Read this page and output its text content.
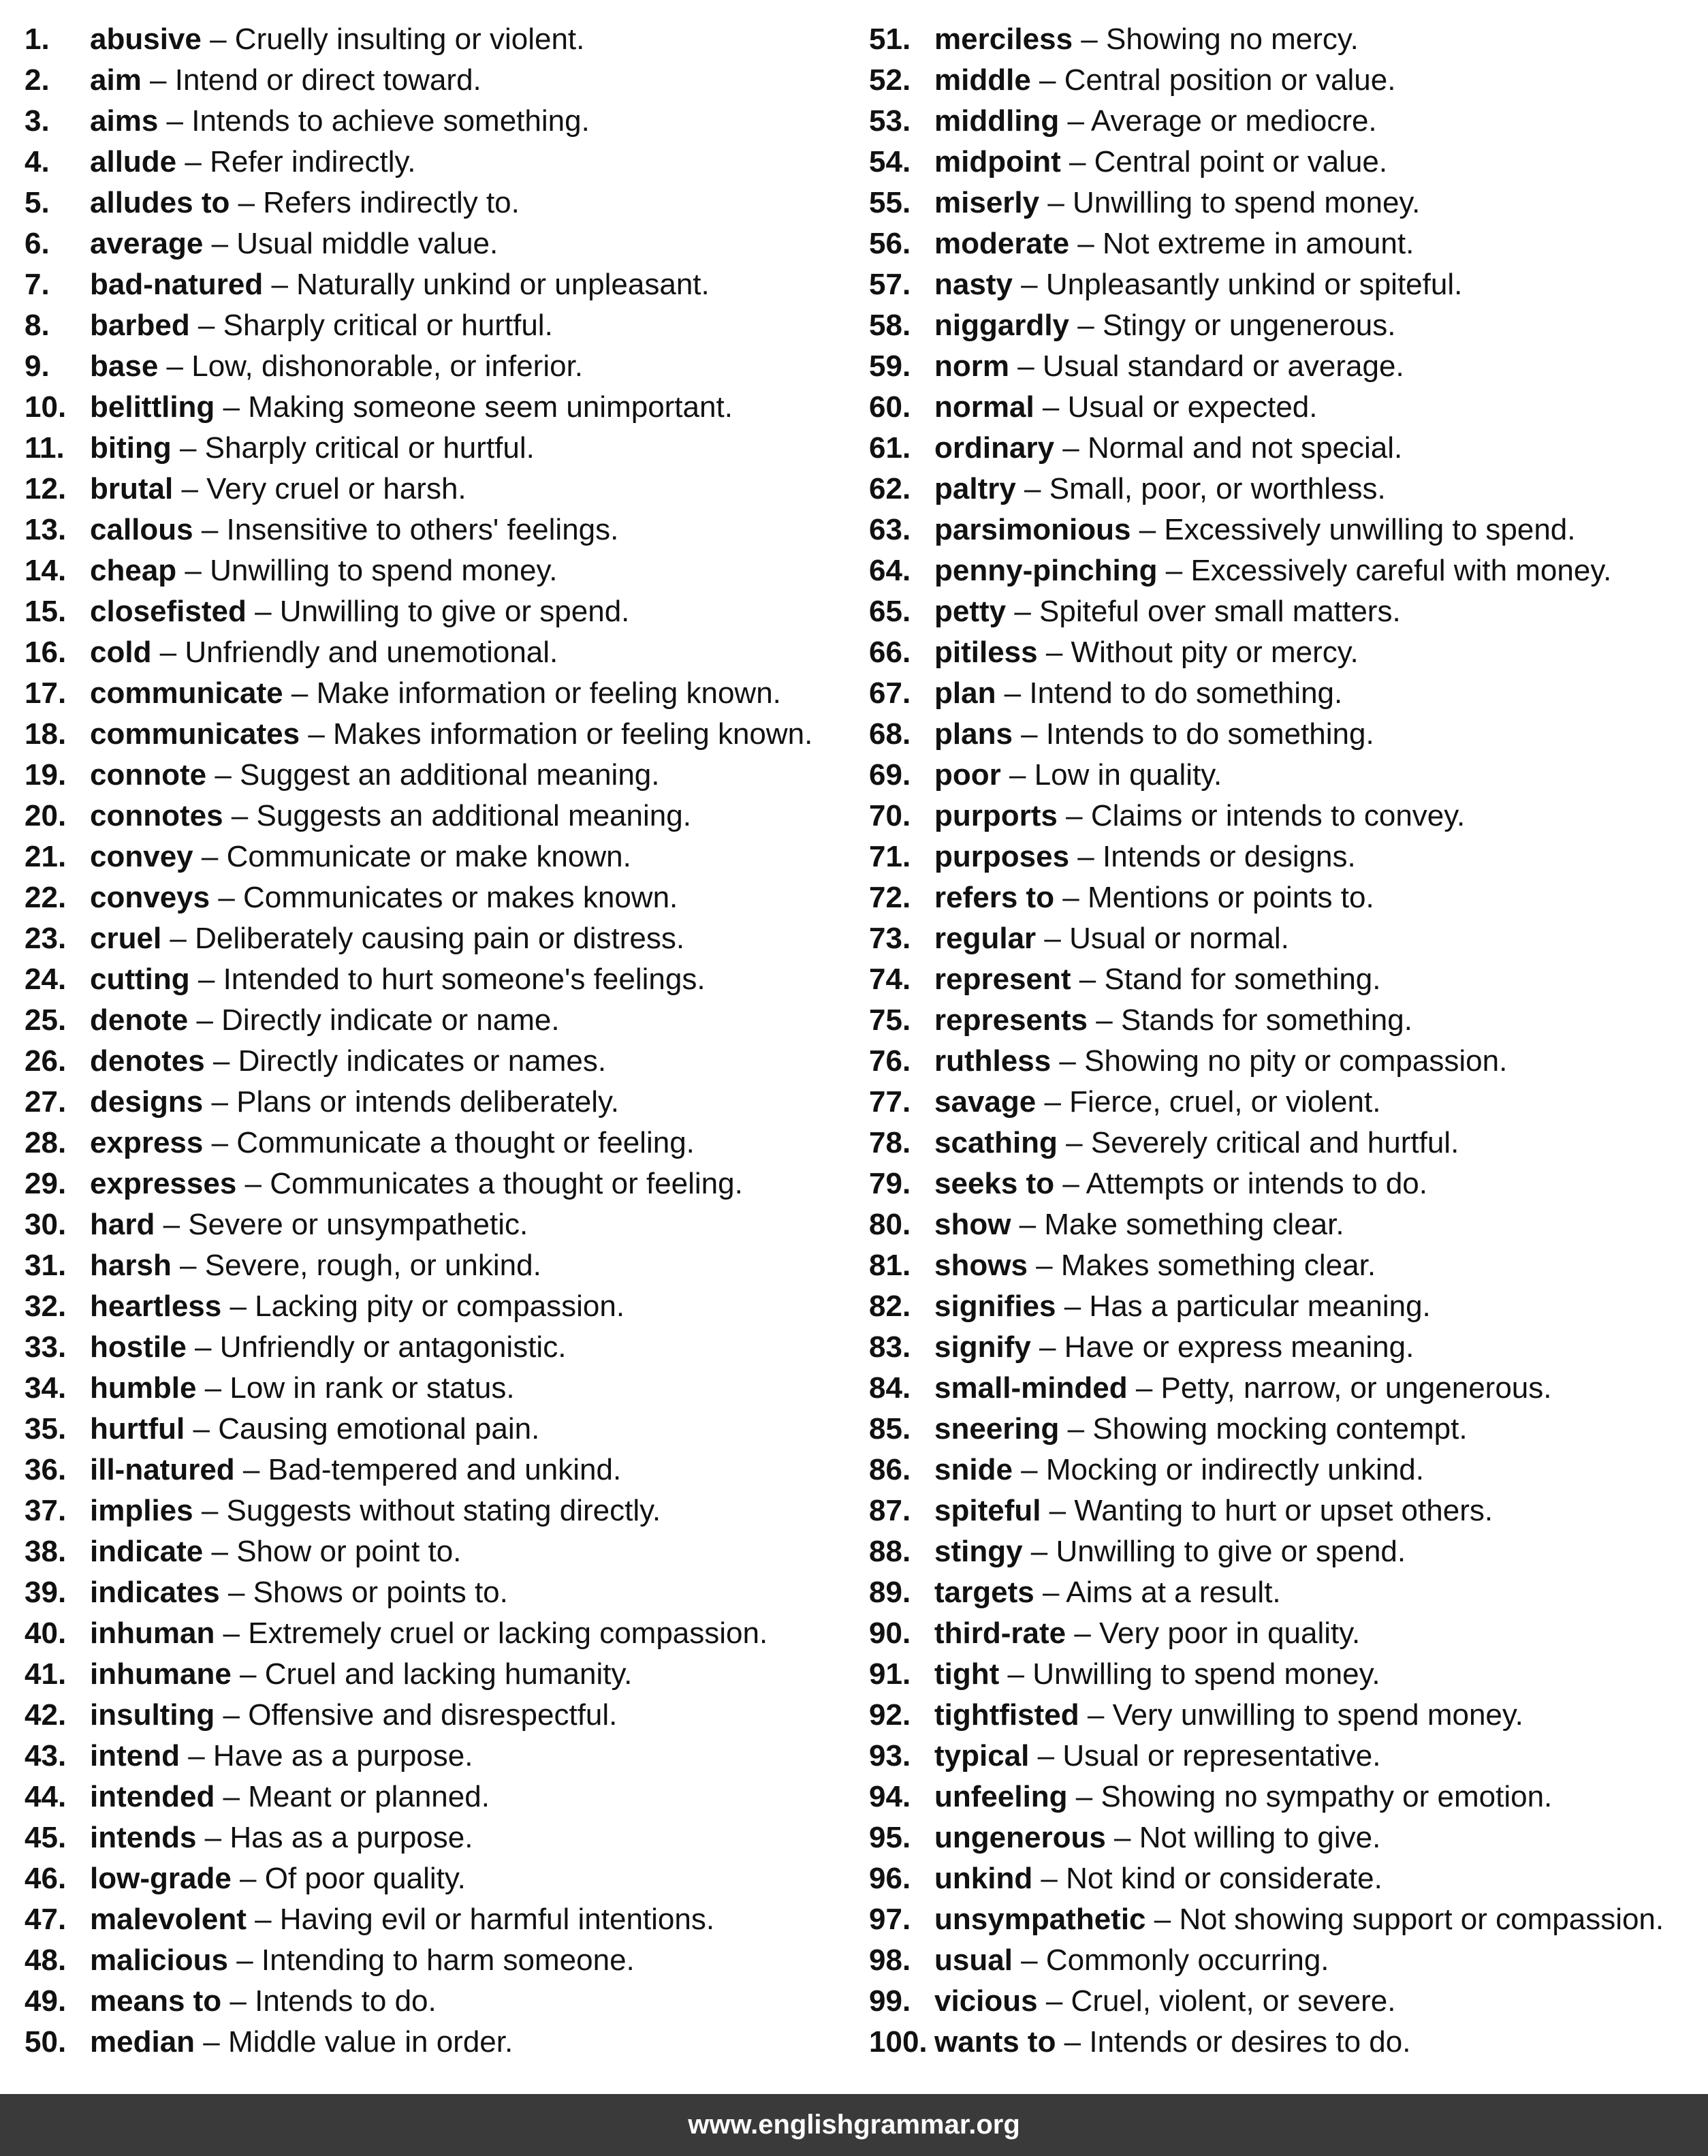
1. abusive – Cruelly insulting or violent.
2. aim – Intend or direct toward.
3. aims – Intends to achieve something.
4. allude – Refer indirectly.
5. alludes to – Refers indirectly to.
6. average – Usual middle value.
7. bad-natured – Naturally unkind or unpleasant.
8. barbed – Sharply critical or hurtful.
9. base – Low, dishonorable, or inferior.
10. belittling – Making someone seem unimportant.
11. biting – Sharply critical or hurtful.
12. brutal – Very cruel or harsh.
13. callous – Insensitive to others' feelings.
14. cheap – Unwilling to spend money.
15. closefisted – Unwilling to give or spend.
16. cold – Unfriendly and unemotional.
17. communicate – Make information or feeling known.
18. communicates – Makes information or feeling known.
19. connote – Suggest an additional meaning.
20. connotes – Suggests an additional meaning.
21. convey – Communicate or make known.
22. conveys – Communicates or makes known.
23. cruel – Deliberately causing pain or distress.
24. cutting – Intended to hurt someone's feelings.
25. denote – Directly indicate or name.
26. denotes – Directly indicates or names.
27. designs – Plans or intends deliberately.
28. express – Communicate a thought or feeling.
29. expresses – Communicates a thought or feeling.
30. hard – Severe or unsympathetic.
31. harsh – Severe, rough, or unkind.
32. heartless – Lacking pity or compassion.
33. hostile – Unfriendly or antagonistic.
34. humble – Low in rank or status.
35. hurtful – Causing emotional pain.
36. ill-natured – Bad-tempered and unkind.
37. implies – Suggests without stating directly.
38. indicate – Show or point to.
39. indicates – Shows or points to.
40. inhuman – Extremely cruel or lacking compassion.
41. inhumane – Cruel and lacking humanity.
42. insulting – Offensive and disrespectful.
43. intend – Have as a purpose.
44. intended – Meant or planned.
45. intends – Has as a purpose.
46. low-grade – Of poor quality.
47. malevolent – Having evil or harmful intentions.
48. malicious – Intending to harm someone.
49. means to – Intends to do.
50. median – Middle value in order.
51. merciless – Showing no mercy.
52. middle – Central position or value.
53. middling – Average or mediocre.
54. midpoint – Central point or value.
55. miserly – Unwilling to spend money.
56. moderate – Not extreme in amount.
57. nasty – Unpleasantly unkind or spiteful.
58. niggardly – Stingy or ungenerous.
59. norm – Usual standard or average.
60. normal – Usual or expected.
61. ordinary – Normal and not special.
62. paltry – Small, poor, or worthless.
63. parsimonious – Excessively unwilling to spend.
64. penny-pinching – Excessively careful with money.
65. petty – Spiteful over small matters.
66. pitiless – Without pity or mercy.
67. plan – Intend to do something.
68. plans – Intends to do something.
69. poor – Low in quality.
70. purports – Claims or intends to convey.
71. purposes – Intends or designs.
72. refers to – Mentions or points to.
73. regular – Usual or normal.
74. represent – Stand for something.
75. represents – Stands for something.
76. ruthless – Showing no pity or compassion.
77. savage – Fierce, cruel, or violent.
78. scathing – Severely critical and hurtful.
79. seeks to – Attempts or intends to do.
80. show – Make something clear.
81. shows – Makes something clear.
82. signifies – Has a particular meaning.
83. signify – Have or express meaning.
84. small-minded – Petty, narrow, or ungenerous.
85. sneering – Showing mocking contempt.
86. snide – Mocking or indirectly unkind.
87. spiteful – Wanting to hurt or upset others.
88. stingy – Unwilling to give or spend.
89. targets – Aims at a result.
90. third-rate – Very poor in quality.
91. tight – Unwilling to spend money.
92. tightfisted – Very unwilling to spend money.
93. typical – Usual or representative.
94. unfeeling – Showing no sympathy or emotion.
95. ungenerous – Not willing to give.
96. unkind – Not kind or considerate.
97. unsympathetic – Not showing support or compassion.
98. usual – Commonly occurring.
99. vicious – Cruel, violent, or severe.
100. wants to – Intends or desires to do.
www.englishgrammar.org
